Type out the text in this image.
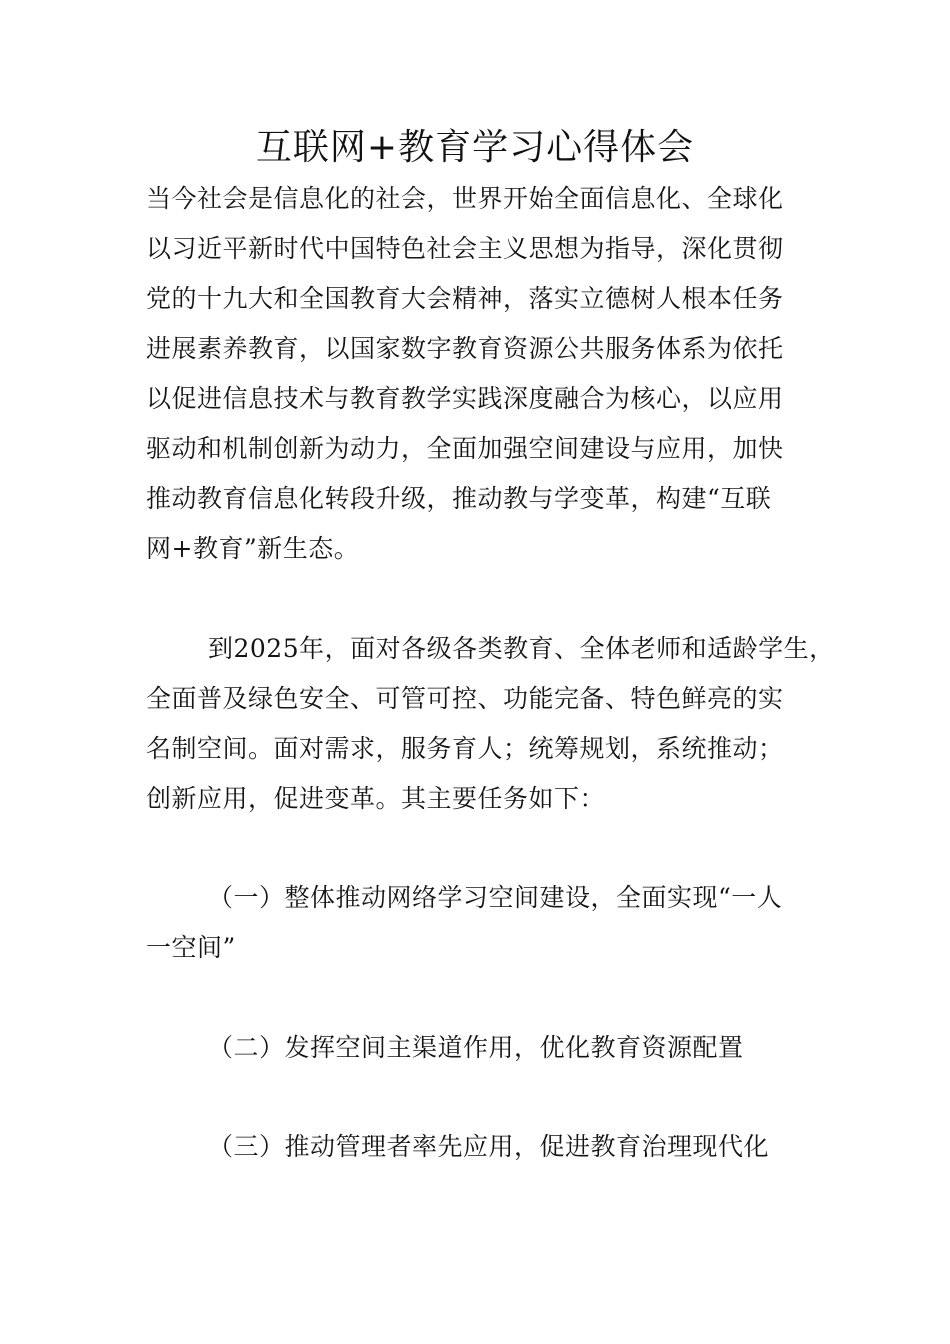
互联网+教育学习心得体会
当今社会是信息化的社会，世界开始全面信息化、全球化
以习近平新时代中国特色社会主义思想为指导，深化贯彻
党的十九大和全国教育大会精神，落实立德树人根本任务
进展素养教育，以国家数字教育资源公共服务体系为依托
以促进信息技术与教育教学实践深度融合为核心，以应用
驱动和机制创新为动力，全面加强空间建设与应用，加快
推动教育信息化转段升级，推动教与学变革，构建“互联
网+教育”新生态。
到2025年，面对各级各类教育、全体老师和适龄学生，
全面普及绿色安全、可管可控、功能完备、特色鲜亮的实
名制空间。面对需求，服务育人；统筹规划，系统推动；
创新应用，促进变革。其主要任务如下：
（一）整体推动网络学习空间建设，全面实现“一人
一空间”
（二）发挥空间主渠道作用，优化教育资源配置
（三）推动管理者率先应用，促进教育治理现代化
